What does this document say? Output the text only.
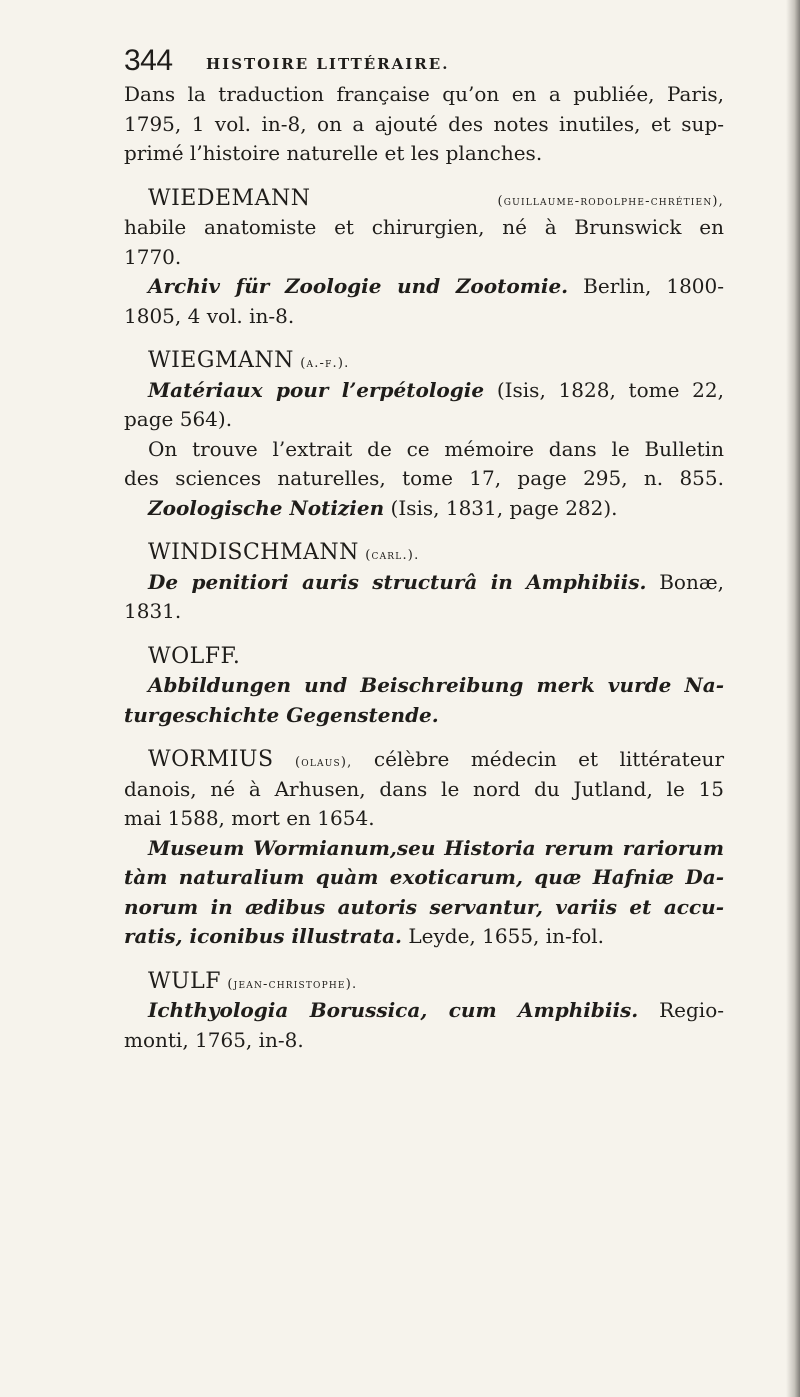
344 HISTOIRE LITTÉRAIRE.
Dans la traduction française qu’on en a publiée, Paris,
1795, 1 vol. in-8, on a ajouté des notes inutiles, et sup-
primé l’histoire naturelle et les planches.
WIEDEMANN	(guillaume-rodolphe-chrétien),
habile anatomiste et chirurgien, né à Brunswick en
1770.
Archiv für Zoologie und Zootomie. Berlin, 1800-
1805, 4 vol. in-8.
WIEGMANN (a.-f.).
Matériaux pour l’erpétologie (Isis, 1828, tome 22,
page 564).
On trouve l’extrait de ce mémoire dans le Bulletin
des sciences naturelles, tome 17, page 295, n. 855.
Zoologische Notizien (Isis, 1831, page 282).
WINDISCHMANN (carl.).
De penitiori auris structurâ in Amphibiis. Bonæ,
1831.
WOLFF.
Abbildungen und Beischreibung merk vurde Na-
turgeschichte Gegenstende.
WORMIUS (olaus), célèbre médecin et littérateur
danois, né à Arhusen, dans le nord du Jutland, le 15
mai 1588, mort en 1654.
Museum Wormianum,seu Historia rerum rariorum
tàm naturalium quàm exoticarum, quæ Hafniæ Da-
norum in ædibus autoris servantur, variis et accu-
ratis, iconibus illustrata. Leyde, 1655, in-fol.
WULF (jean-christophe).
Ichthyologia Borussica, cum Amphibiis. Regio-
monti, 1765, in-8.
